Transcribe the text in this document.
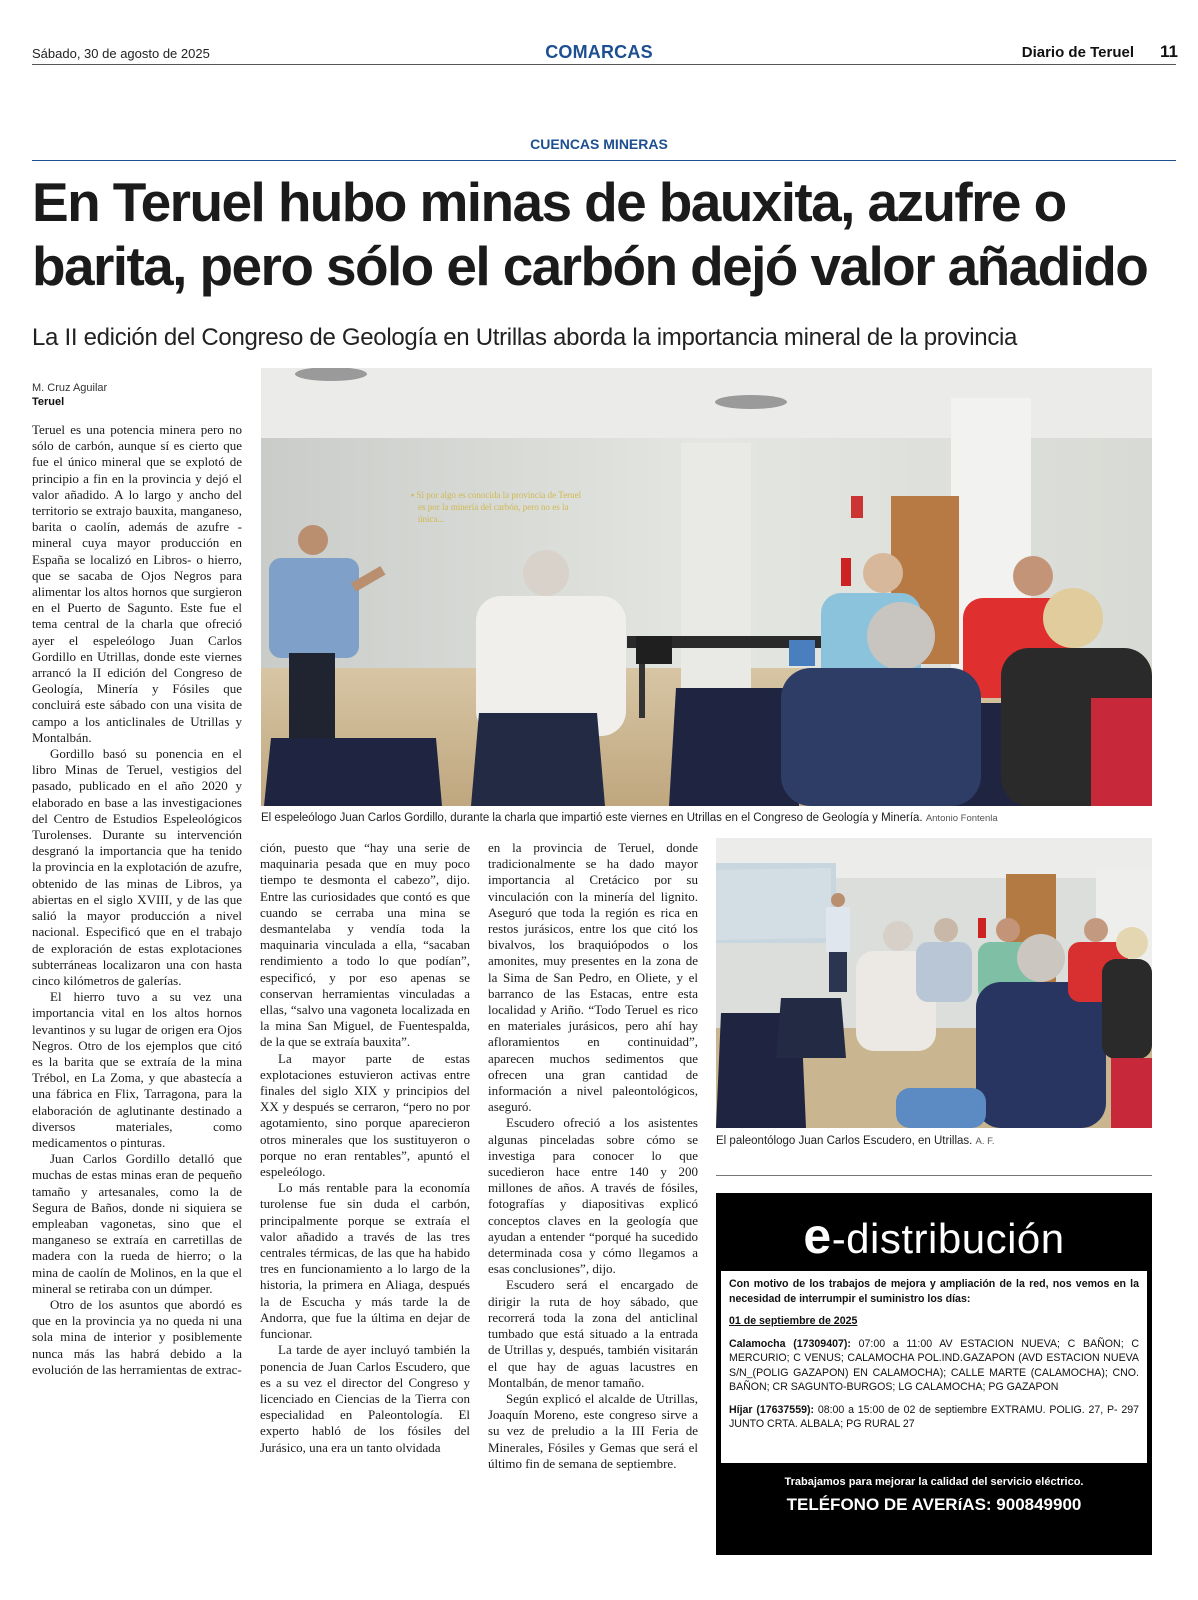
Sábado, 30 de agosto de 2025	COMARCAS	Diario de Teruel 11
CUENCAS MINERAS
En Teruel hubo minas de bauxita, azufre o barita, pero sólo el carbón dejó valor añadido
La II edición del Congreso de Geología en Utrillas aborda la importancia mineral de la provincia
M. Cruz Aguilar
Teruel

Teruel es una potencia minera pero no sólo de carbón, aunque sí es cierto que fue el único mineral que se explotó de principio a fin en la provincia y dejó el valor añadido. A lo largo y ancho del territorio se extrajo bauxita, manganeso, barita o caolín, además de azufre -mineral cuya mayor producción en España se localizó en Libros- o hierro, que se sacaba de Ojos Negros para alimentar los altos hornos que surgieron en el Puerto de Sagunto. Este fue el tema central de la charla que ofreció ayer el espeleólogo Juan Carlos Gordillo en Utrillas, donde este viernes arrancó la II edición del Congreso de Geología, Minería y Fósiles que concluirá este sábado con una visita de campo a los anticlinales de Utrillas y Montalbán.

Gordillo basó su ponencia en el libro Minas de Teruel, vestigios del pasado, publicado en el año 2020 y elaborado en base a las investigaciones del Centro de Estudios Espeleológicos Turolenses. Durante su intervención desgranó la importancia que ha tenido la provincia en la explotación de azufre, obtenido de las minas de Libros, ya abiertas en el siglo XVIII, y de las que salió la mayor producción a nivel nacional. Especificó que en el trabajo de exploración de estas explotaciones subterráneas localizaron una con hasta cinco kilómetros de galerías.

El hierro tuvo a su vez una importancia vital en los altos hornos levantinos y su lugar de origen era Ojos Negros. Otro de los ejemplos que citó es la barita que se extraía de la mina Trébol, en La Zoma, y que abastecía a una fábrica en Flix, Tarragona, para la elaboración de aglutinante destinado a diversos materiales, como medicamentos o pinturas.

Juan Carlos Gordillo detalló que muchas de estas minas eran de pequeño tamaño y artesanales, como la de Segura de Baños, donde ni siquiera se empleaban vagonetas, sino que el manganeso se extraía en carretillas de madera con la rueda de hierro; o la mina de caolín de Molinos, en la que el mineral se retiraba con un dúmper.

Otro de los asuntos que abordó es que en la provincia ya no queda ni una sola mina de interior y posiblemente nunca más las habrá debido a la evolución de las herramientas de extrac-

ción, puesto que “hay una serie de maquinaria pesada que en muy poco tiempo te desmonta el cabezo”, dijo. Entre las curiosidades que contó es que cuando se cerraba una mina se desmantelaba y vendía toda la maquinaria vinculada a ella, “sacaban rendimiento a todo lo que podían”, especificó, y por eso apenas se conservan herramientas vinculadas a ellas, “salvo una vagoneta localizada en la mina San Miguel, de Fuentespalda, de la que se extraía bauxita”.

La mayor parte de estas explotaciones estuvieron activas entre finales del siglo XIX y principios del XX y después se cerraron, “pero no por agotamiento, sino porque aparecieron otros minerales que los sustituyeron o porque no eran rentables”, apuntó el espeleólogo.

Lo más rentable para la economía turolense fue sin duda el carbón, principalmente porque se extraía el valor añadido a través de las tres centrales térmicas, de las que ha habido tres en funcionamiento a lo largo de la historia, la primera en Aliaga, después la de Escucha y más tarde la de Andorra, que fue la última en dejar de funcionar.

La tarde de ayer incluyó también la ponencia de Juan Carlos Escudero, que es a su vez el director del Congreso y licenciado en Ciencias de la Tierra con especialidad en Paleontología. El experto habló de los fósiles del Jurásico, una era un tanto olvidada

en la provincia de Teruel, donde tradicionalmente se ha dado mayor importancia al Cretácico por su vinculación con la minería del lignito. Aseguró que toda la región es rica en restos jurásicos, entre los que citó los bivalvos, los braquiópodos o los amonites, muy presentes en la zona de la Sima de San Pedro, en Oliete, y el barranco de las Estacas, entre esta localidad y Ariño. “Todo Teruel es rico en materiales jurásicos, pero ahí hay afloramientos en continuidad”, aparecen muchos sedimentos que ofrecen una gran cantidad de información a nivel paleontológicos, aseguró.

Escudero ofreció a los asistentes algunas pinceladas sobre cómo se investiga para conocer lo que sucedieron hace entre 140 y 200 millones de años. A través de fósiles, fotografías y diapositivas explicó conceptos claves en la geología que ayudan a entender “porqué ha sucedido determinada cosa y cómo llegamos a esas conclusiones”, dijo.

Escudero será el encargado de dirigir la ruta de hoy sábado, que recorrerá toda la zona del anticlinal tumbado que está situado a la entrada de Utrillas y, después, también visitarán el que hay de aguas lacustres en Montalbán, de menor tamaño.

Según explicó el alcalde de Utrillas, Joaquín Moreno, este congreso sirve a su vez de preludio a la III Feria de Minerales, Fósiles y Gemas que será el último fin de semana de septiembre.

▪ Si por algo es conocida la provincia de Teruel
es por la minería del carbón, pero no es la
única...
El espeleólogo Juan Carlos Gordillo, durante la charla que impartió este viernes en Utrillas en el Congreso de Geología y Minería. Antonio Fontenla
El paleontólogo Juan Carlos Escudero, en Utrillas. A. F.
e-distribución
Con motivo de los trabajos de mejora y ampliación de la red, nos vemos en la necesidad de interrumpir el suministro los días:
01 de septiembre de 2025
Calamocha (17309407): 07:00 a 11:00 AV ESTACION NUEVA; C BAÑON; C MERCURIO; C VENUS; CALAMOCHA POL.IND.GAZAPON (AVD ESTACION NUEVA S/N_(POLIG GAZAPON) EN CALAMOCHA); CALLE MARTE (CALAMOCHA); CNO. BAÑON; CR SAGUNTO-BURGOS; LG CALAMOCHA; PG GAZAPON
Híjar (17637559): 08:00 a 15:00 de 02 de septiembre EXTRAMU. POLIG. 27, P- 297 JUNTO CRTA. ALBALA; PG RURAL 27
Trabajamos para mejorar la calidad del servicio eléctrico.
TELÉFONO DE AVERíAS: 900849900
